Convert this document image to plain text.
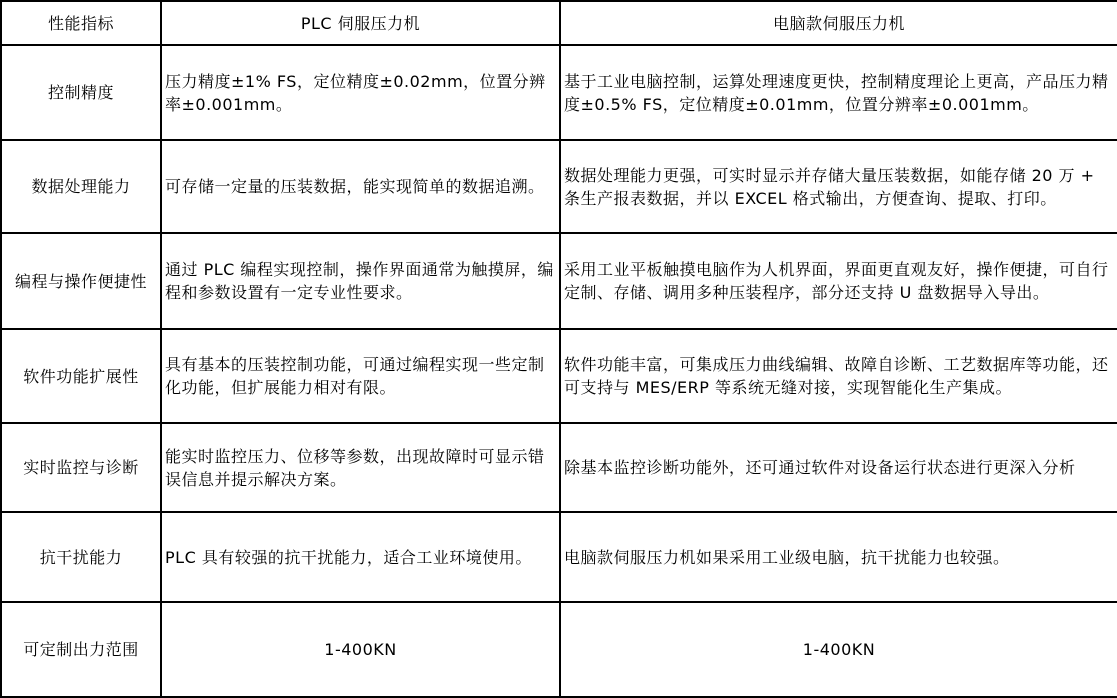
性能指标	PLC 伺服压力机	电脑款伺服压力机
控制精度	压力精度±1% FS，定位精度±0.02mm，位置分辨率±0.001mm。	基于工业电脑控制，运算处理速度更快，控制精度理论上更高，产品压力精度±0.5% FS，定位精度±0.01mm，位置分辨率±0.001mm。
数据处理能力	可存储一定量的压装数据，能实现简单的数据追溯。	数据处理能力更强，可实时显示并存储大量压装数据，如能存储 20 万 + 条生产报表数据，并以 EXCEL 格式输出，方便查询、提取、打印。
编程与操作便捷性	通过 PLC 编程实现控制，操作界面通常为触摸屏，编程和参数设置有一定专业性要求。	采用工业平板触摸电脑作为人机界面，界面更直观友好，操作便捷，可自行定制、存储、调用多种压装程序，部分还支持 U 盘数据导入导出。
软件功能扩展性	具有基本的压装控制功能，可通过编程实现一些定制化功能，但扩展能力相对有限。	软件功能丰富，可集成压力曲线编辑、故障自诊断、工艺数据库等功能，还可支持与 MES/ERP 等系统无缝对接，实现智能化生产集成。
实时监控与诊断	能实时监控压力、位移等参数，出现故障时可显示错误信息并提示解决方案。	除基本监控诊断功能外，还可通过软件对设备运行状态进行更深入分析
抗干扰能力	PLC 具有较强的抗干扰能力，适合工业环境使用。	电脑款伺服压力机如果采用工业级电脑，抗干扰能力也较强。
可定制出力范围	1-400KN	1-400KN
